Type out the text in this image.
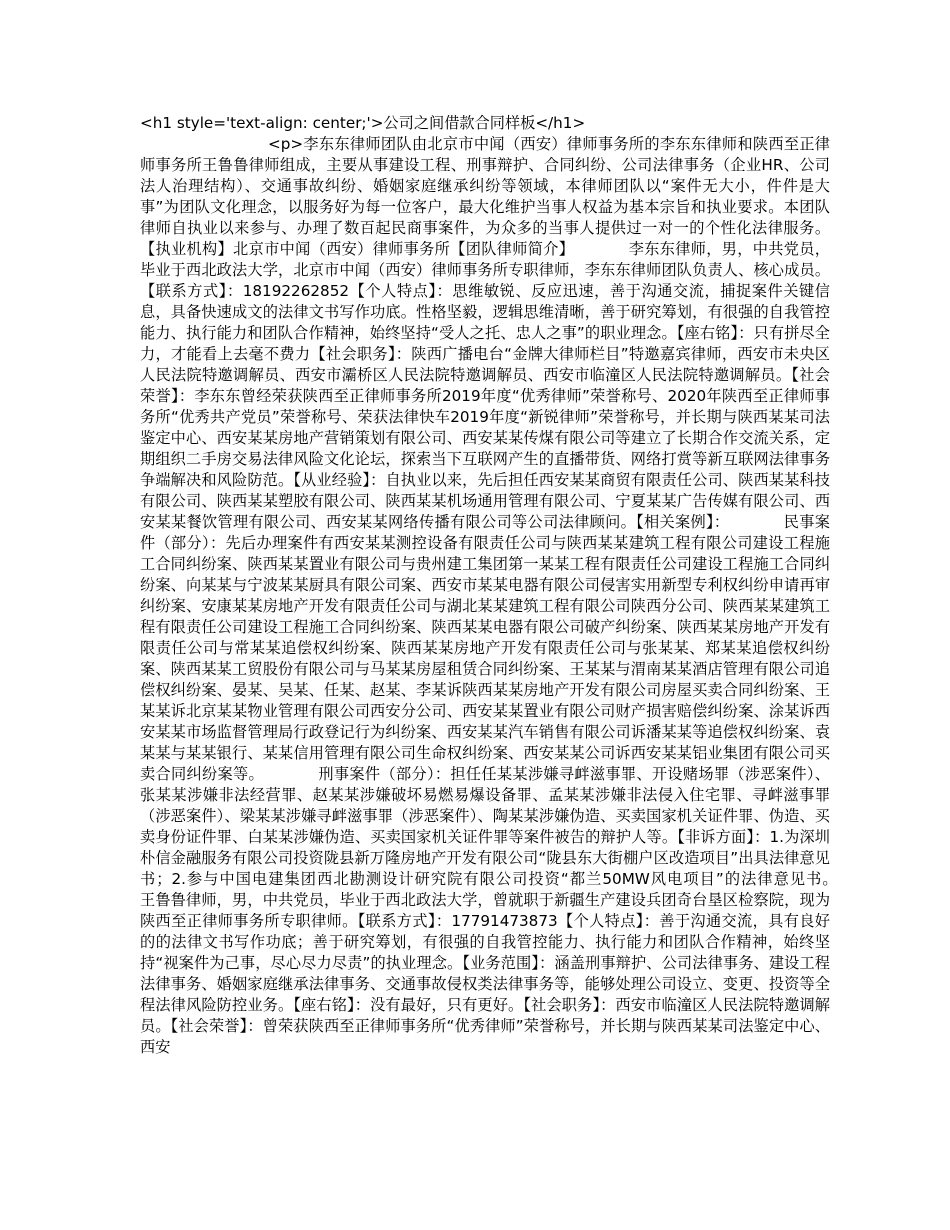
<h1 style='text-align: center;'>公司之间借款合同样板</h1>
<p>李东东律师团队由北京市中闻（西安）律师事务所的李东东律师和陕西至正律师事务所王鲁鲁律师组成，主要从事建设工程、刑事辩护、合同纠纷、公司法律事务（企业HR、公司法人治理结构）、交通事故纠纷、婚姻家庭继承纠纷等领域，本律师团队以“案件无大小，件件是大事”为团队文化理念，以服务好为每一位客户，最大化维护当事人权益为基本宗旨和执业要求。本团队律师自执业以来参与、办理了数百起民商事案件，为众多的当事人提供过一对一的个性化法律服务。【执业机构】北京市中闻（西安）律师事务所【团队律师简介】　　　　李东东律师，男，中共党员，毕业于西北政法大学，北京市中闻（西安）律师事务所专职律师，李东东律师团队负责人、核心成员。【联系方式】：18192262852【个人特点】：思维敏锐、反应迅速，善于沟通交流，捕捉案件关键信息，具备快速成文的法律文书写作功底。性格坚毅，逻辑思维清晰，善于研究筹划，有很强的自我管控能力、执行能力和团队合作精神，始终坚持“受人之托、忠人之事”的职业理念。【座右铭】：只有拼尽全力，才能看上去毫不费力【社会职务】：陕西广播电台“金牌大律师栏目”特邀嘉宾律师，西安市未央区人民法院特邀调解员、西安市灞桥区人民法院特邀调解员、西安市临潼区人民法院特邀调解员。【社会荣誉】：李东东曾经荣获陕西至正律师事务所2019年度“优秀律师”荣誉称号、2020年陕西至正律师事务所“优秀共产党员”荣誉称号、荣获法律快车2019年度“新锐律师”荣誉称号，并长期与陕西某某司法鉴定中心、西安某某房地产营销策划有限公司、西安某某传煤有限公司等建立了长期合作交流关系，定期组织二手房交易法律风险文化论坛，探索当下互联网产生的直播带货、网络打赏等新互联网法律事务争端解决和风险防范。【从业经验】：自执业以来，先后担任西安某某商贸有限责任公司、陕西某某科技有限公司、陕西某某塑胶有限公司、陕西某某机场通用管理有限公司、宁夏某某广告传媒有限公司、西安某某餐饮管理有限公司、西安某某网络传播有限公司等公司法律顾问。【相关案例】：　　　　民事案件（部分）：先后办理案件有西安某某测控设备有限责任公司与陕西某某建筑工程有限公司建设工程施工合同纠纷案、陕西某某置业有限公司与贵州建工集团第一某某工程有限责任公司建设工程施工合同纠纷案、向某某与宁波某某厨具有限公司案、西安市某某电器有限公司侵害实用新型专利权纠纷申请再审纠纷案、安康某某房地产开发有限责任公司与湖北某某建筑工程有限公司陕西分公司、陕西某某建筑工程有限责任公司建设工程施工合同纠纷案、陕西某某电器有限公司破产纠纷案、陕西某某房地产开发有限责任公司与常某某追偿权纠纷案、陕西某某房地产开发有限责任公司与张某某、郑某某追偿权纠纷案、陕西某某工贸股份有限公司与马某某房屋租赁合同纠纷案、王某某与渭南某某酒店管理有限公司追偿权纠纷案、晏某、吴某、任某、赵某、李某诉陕西某某房地产开发有限公司房屋买卖合同纠纷案、王某某诉北京某某物业管理有限公司西安分公司、西安某某置业有限公司财产损害赔偿纠纷案、涂某诉西安某某市场监督管理局行政登记行为纠纷案、西安某某汽车销售有限公司诉潘某某等追偿权纠纷案、袁某某与某某银行、某某信用管理有限公司生命权纠纷案、西安某某公司诉西安某某铝业集团有限公司买卖合同纠纷案等。　　　　刑事案件（部分）：担任任某某涉嫌寻衅滋事罪、开设赌场罪（涉恶案件）、张某某涉嫌非法经营罪、赵某某涉嫌破坏易燃易爆设备罪、孟某某涉嫌非法侵入住宅罪、寻衅滋事罪（涉恶案件）、梁某某涉嫌寻衅滋事罪（涉恶案件）、陶某某涉嫌伪造、买卖国家机关证件罪、伪造、买卖身份证件罪、白某某涉嫌伪造、买卖国家机关证件罪等案件被告的辩护人等。【非诉方面】：1.为深圳朴信金融服务有限公司投资陇县新万隆房地产开发有限公司“陇县东大街棚户区改造项目”出具法律意见书；2.参与中国电建集团西北勘测设计研究院有限公司投资“都兰50MW风电项目”的法律意见书。　　　　王鲁鲁律师，男，中共党员，毕业于西北政法大学，曾就职于新疆生产建设兵团奇台垦区检察院，现为陕西至正律师事务所专职律师。【联系方式】：17791473873【个人特点】：善于沟通交流，具有良好的的法律文书写作功底；善于研究筹划，有很强的自我管控能力、执行能力和团队合作精神，始终坚持“视案件为己事，尽心尽力尽责”的执业理念。【业务范围】：涵盖刑事辩护、公司法律事务、建设工程法律事务、婚姻家庭继承法律事务、交通事故侵权类法律事务等，能够处理公司设立、变更、投资等全程法律风险防控业务。【座右铭】：没有最好，只有更好。【社会职务】：西安市临潼区人民法院特邀调解员。【社会荣誉】：曾荣获陕西至正律师事务所“优秀律师”荣誉称号，并长期与陕西某某司法鉴定中心、西安
